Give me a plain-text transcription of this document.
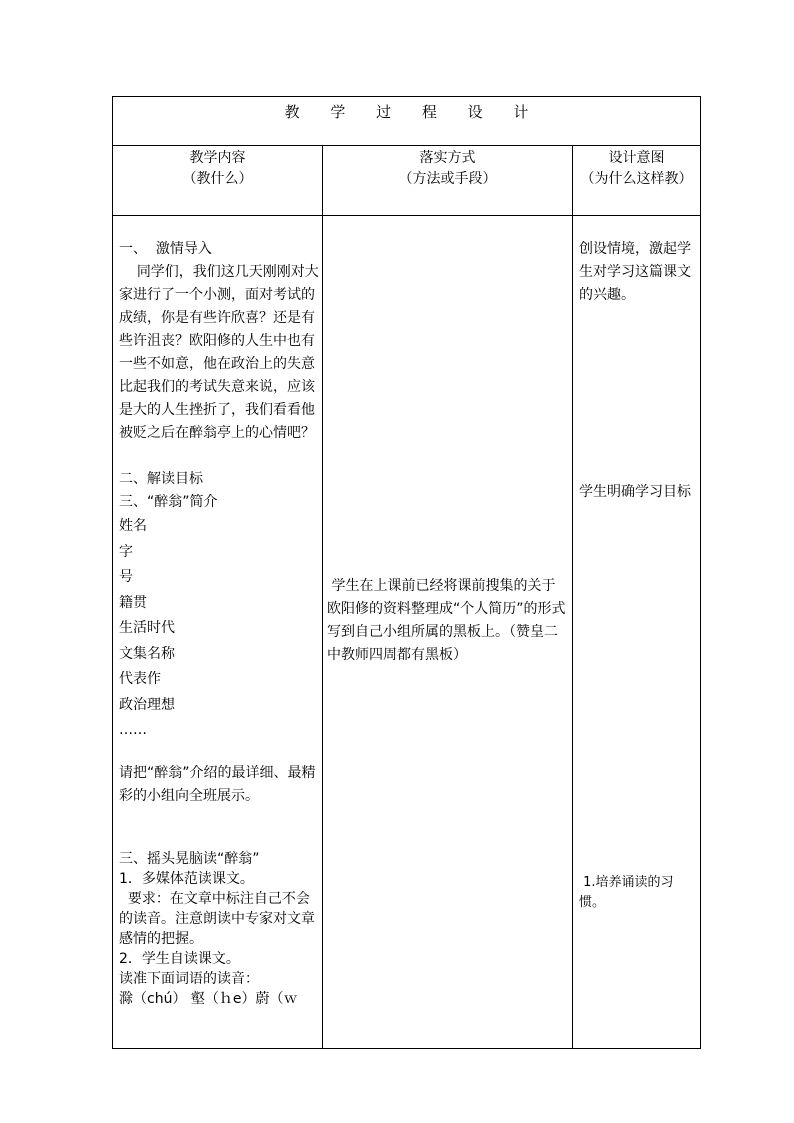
教 学 过 程 设 计
教学内容
（教什么）
落实方式
（方法或手段）
设计意图
（为什么这样教）

一、  激情导入

同学们，我们这几天刚刚对大家进行了一个小测，面对考试的成绩，你是有些许欣喜？还是有些许沮丧？欧阳修的人生中也有一些不如意，他在政治上的失意比起我们的考试失意来说，应该是大的人生挫折了，我们看看他被贬之后在醉翁亭上的心情吧？

二、解读目标

三、“醉翁”简介

姓名

字

号

籍贯

生活时代

文集名称

代表作

政治理想

……

请把“醉翁”介绍的最详细、最精彩的小组向全班展示。

三、摇头晃脑读“醉翁”

1．多媒体范读课文。

要求：在文章中标注自己不会的读音。注意朗读中专家对文章感情的把握。

2．学生自读课文。

读准下面词语的读音：

滁（chú） 壑（ｈe）蔚（ｗ

学生在上课前已经将课前搜集的关于欧阳修的资料整理成“个人简历”的形式写到自己小组所属的黑板上。（赞皇二中教师四周都有黑板）

创设情境，激起学生对学习这篇课文的兴趣。

学生明确学习目标

1.培养诵读的习惯。
